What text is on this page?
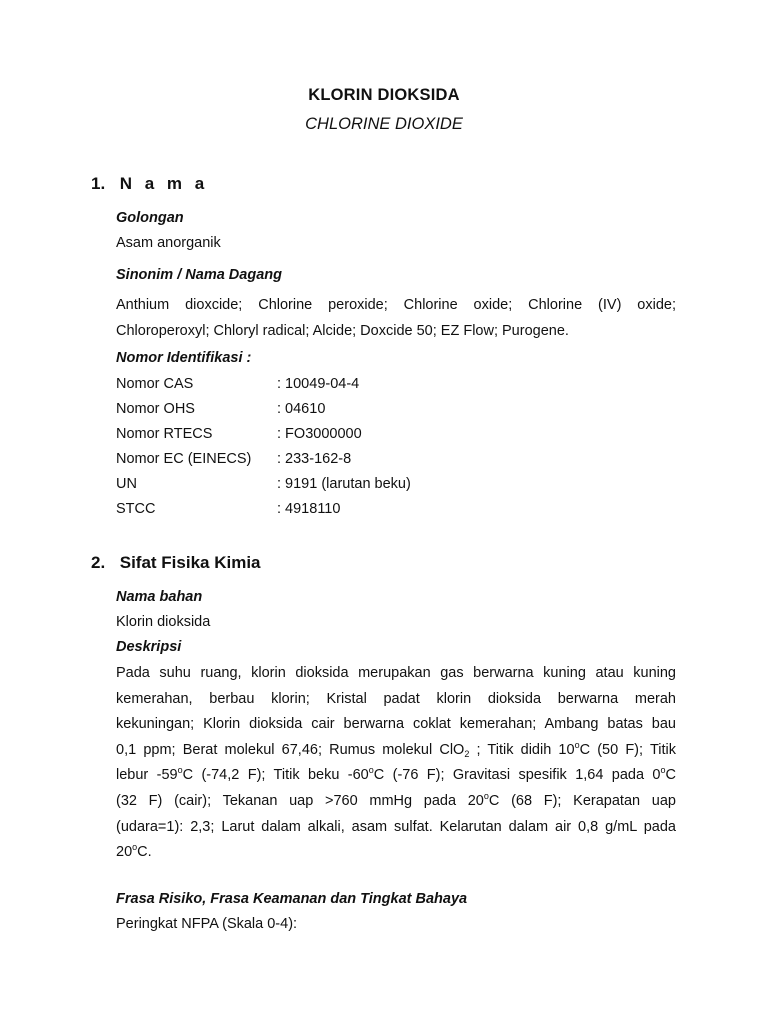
KLORIN DIOKSIDA
CHLORINE DIOXIDE
1. N a m a
Golongan
Asam anorganik
Sinonim / Nama Dagang
Anthium dioxcide; Chlorine peroxide; Chlorine oxide; Chlorine (IV) oxide;
Chloroperoxyl; Chloryl radical; Alcide; Doxcide 50; EZ Flow; Purogene.
Nomor Identifikasi :
Nomor CAS	: 10049-04-4
Nomor OHS	: 04610
Nomor RTECS	: FO3000000
Nomor EC (EINECS) : 233-162-8
UN	: 9191 (larutan beku)
STCC	: 4918110
2. Sifat Fisika Kimia
Nama bahan
Klorin dioksida
Deskripsi
Pada suhu ruang, klorin dioksida merupakan gas berwarna kuning atau kuning
kemerahan, berbau klorin; Kristal padat klorin dioksida berwarna merah
kekuningan; Klorin dioksida cair berwarna coklat kemerahan; Ambang batas bau
0,1 ppm; Berat molekul 67,46; Rumus molekul ClO$_2$ ; Titik didih 10$^o$C (50 F); Titik
lebur -59$^o$C (-74,2 F); Titik beku -60$^o$C (-76 F); Gravitasi spesifik 1,64 pada 0$^o$C
(32 F) (cair); Tekanan uap >760 mmHg pada 20$^o$C (68 F); Kerapatan uap
(udara=1): 2,3; Larut dalam alkali, asam sulfat. Kelarutan dalam air 0,8 g/mL pada
20$^o$C.
Frasa Risiko, Frasa Keamanan dan Tingkat Bahaya
Peringkat NFPA (Skala 0-4):
